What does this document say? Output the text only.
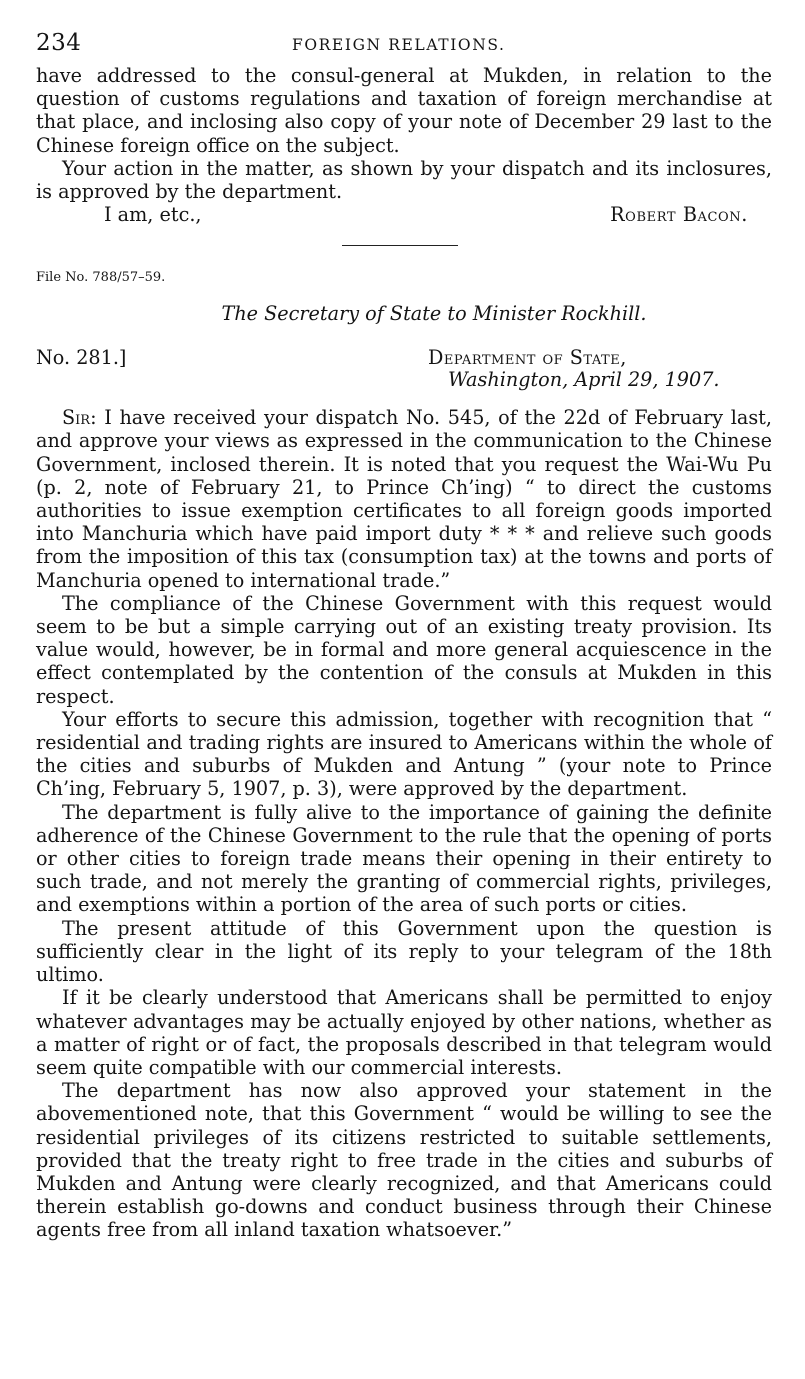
234	FOREIGN RELATIONS.

have addressed to the consul-general at Mukden, in relation to the question of customs regulations and taxation of foreign merchandise at that place, and inclosing also copy of your note of December 29 last to the Chinese foreign office on the subject.

Your action in the matter, as shown by your dispatch and its inclosures, is approved by the department.

I am, etc.,	Robert Bacon.
File No. 788/57–59.
The Secretary of State to Minister Rockhill.
No. 281.]	Department of State,
Washington, April 29, 1907.

Sir: I have received your dispatch No. 545, of the 22d of February last, and approve your views as expressed in the communication to the Chinese Government, inclosed therein. It is noted that you request the Wai-Wu Pu (p. 2, note of February 21, to Prince Ch’ing) “ to direct the customs authorities to issue exemption certificates to all foreign goods imported into Manchuria which have paid import duty * * * and relieve such goods from the imposition of this tax (consumption tax) at the towns and ports of Manchuria opened to international trade.”

The compliance of the Chinese Government with this request would seem to be but a simple carrying out of an existing treaty provision. Its value would, however, be in formal and more general acquiescence in the effect contemplated by the contention of the consuls at Mukden in this respect.

Your efforts to secure this admission, together with recognition that “ residential and trading rights are insured to Americans within the whole of the cities and suburbs of Mukden and Antung ” (your note to Prince Ch’ing, February 5, 1907, p. 3), were approved by the department.

The department is fully alive to the importance of gaining the definite adherence of the Chinese Government to the rule that the opening of ports or other cities to foreign trade means their opening in their entirety to such trade, and not merely the granting of commercial rights, privileges, and exemptions within a portion of the area of such ports or cities.

The present attitude of this Government upon the question is sufficiently clear in the light of its reply to your telegram of the 18th ultimo.

If it be clearly understood that Americans shall be permitted to enjoy whatever advantages may be actually enjoyed by other nations, whether as a matter of right or of fact, the proposals described in that telegram would seem quite compatible with our commercial interests.

The department has now also approved your statement in the abovementioned note, that this Government “ would be willing to see the residential privileges of its citizens restricted to suitable settlements, provided that the treaty right to free trade in the cities and suburbs of Mukden and Antung were clearly recognized, and that Americans could therein establish go-downs and conduct business through their Chinese agents free from all inland taxation whatsoever.”
